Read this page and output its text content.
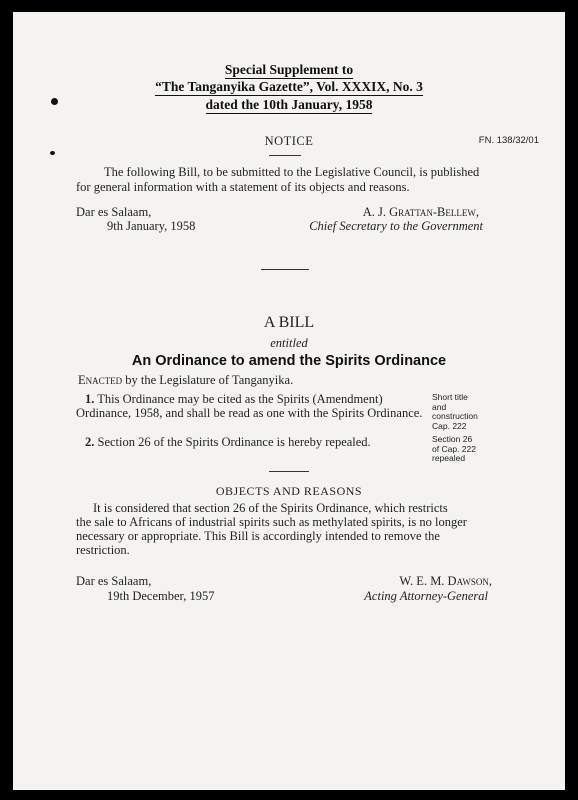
Special Supplement to
“The Tanganyika Gazette”, Vol. XXXIX, No. 3
dated the 10th January, 1958
NOTICE	FN. 138/32/01
The following Bill, to be submitted to the Legislative Council, is published
for general information with a statement of its objects and reasons.
Dar es Salaam,
9th January, 1958
A. J. Grattan-Bellew,
Chief Secretary to the Government
A BILL
entitled
An Ordinance to amend the Spirits Ordinance
Enacted by the Legislature of Tanganyika.
1. This Ordinance may be cited as the Spirits (Amendment)
Ordinance, 1958, and shall be read as one with the Spirits Ordinance.
Short title
and
construction
Cap. 222
2. Section 26 of the Spirits Ordinance is hereby repealed.	Section 26
of Cap. 222
repealed
OBJECTS AND REASONS
It is considered that section 26 of the Spirits Ordinance, which restricts
the sale to Africans of industrial spirits such as methylated spirits, is no longer
necessary or appropriate. This Bill is accordingly intended to remove the
restriction.
Dar es Salaam,
19th December, 1957
W. E. M. Dawson,
Acting Attorney-General
